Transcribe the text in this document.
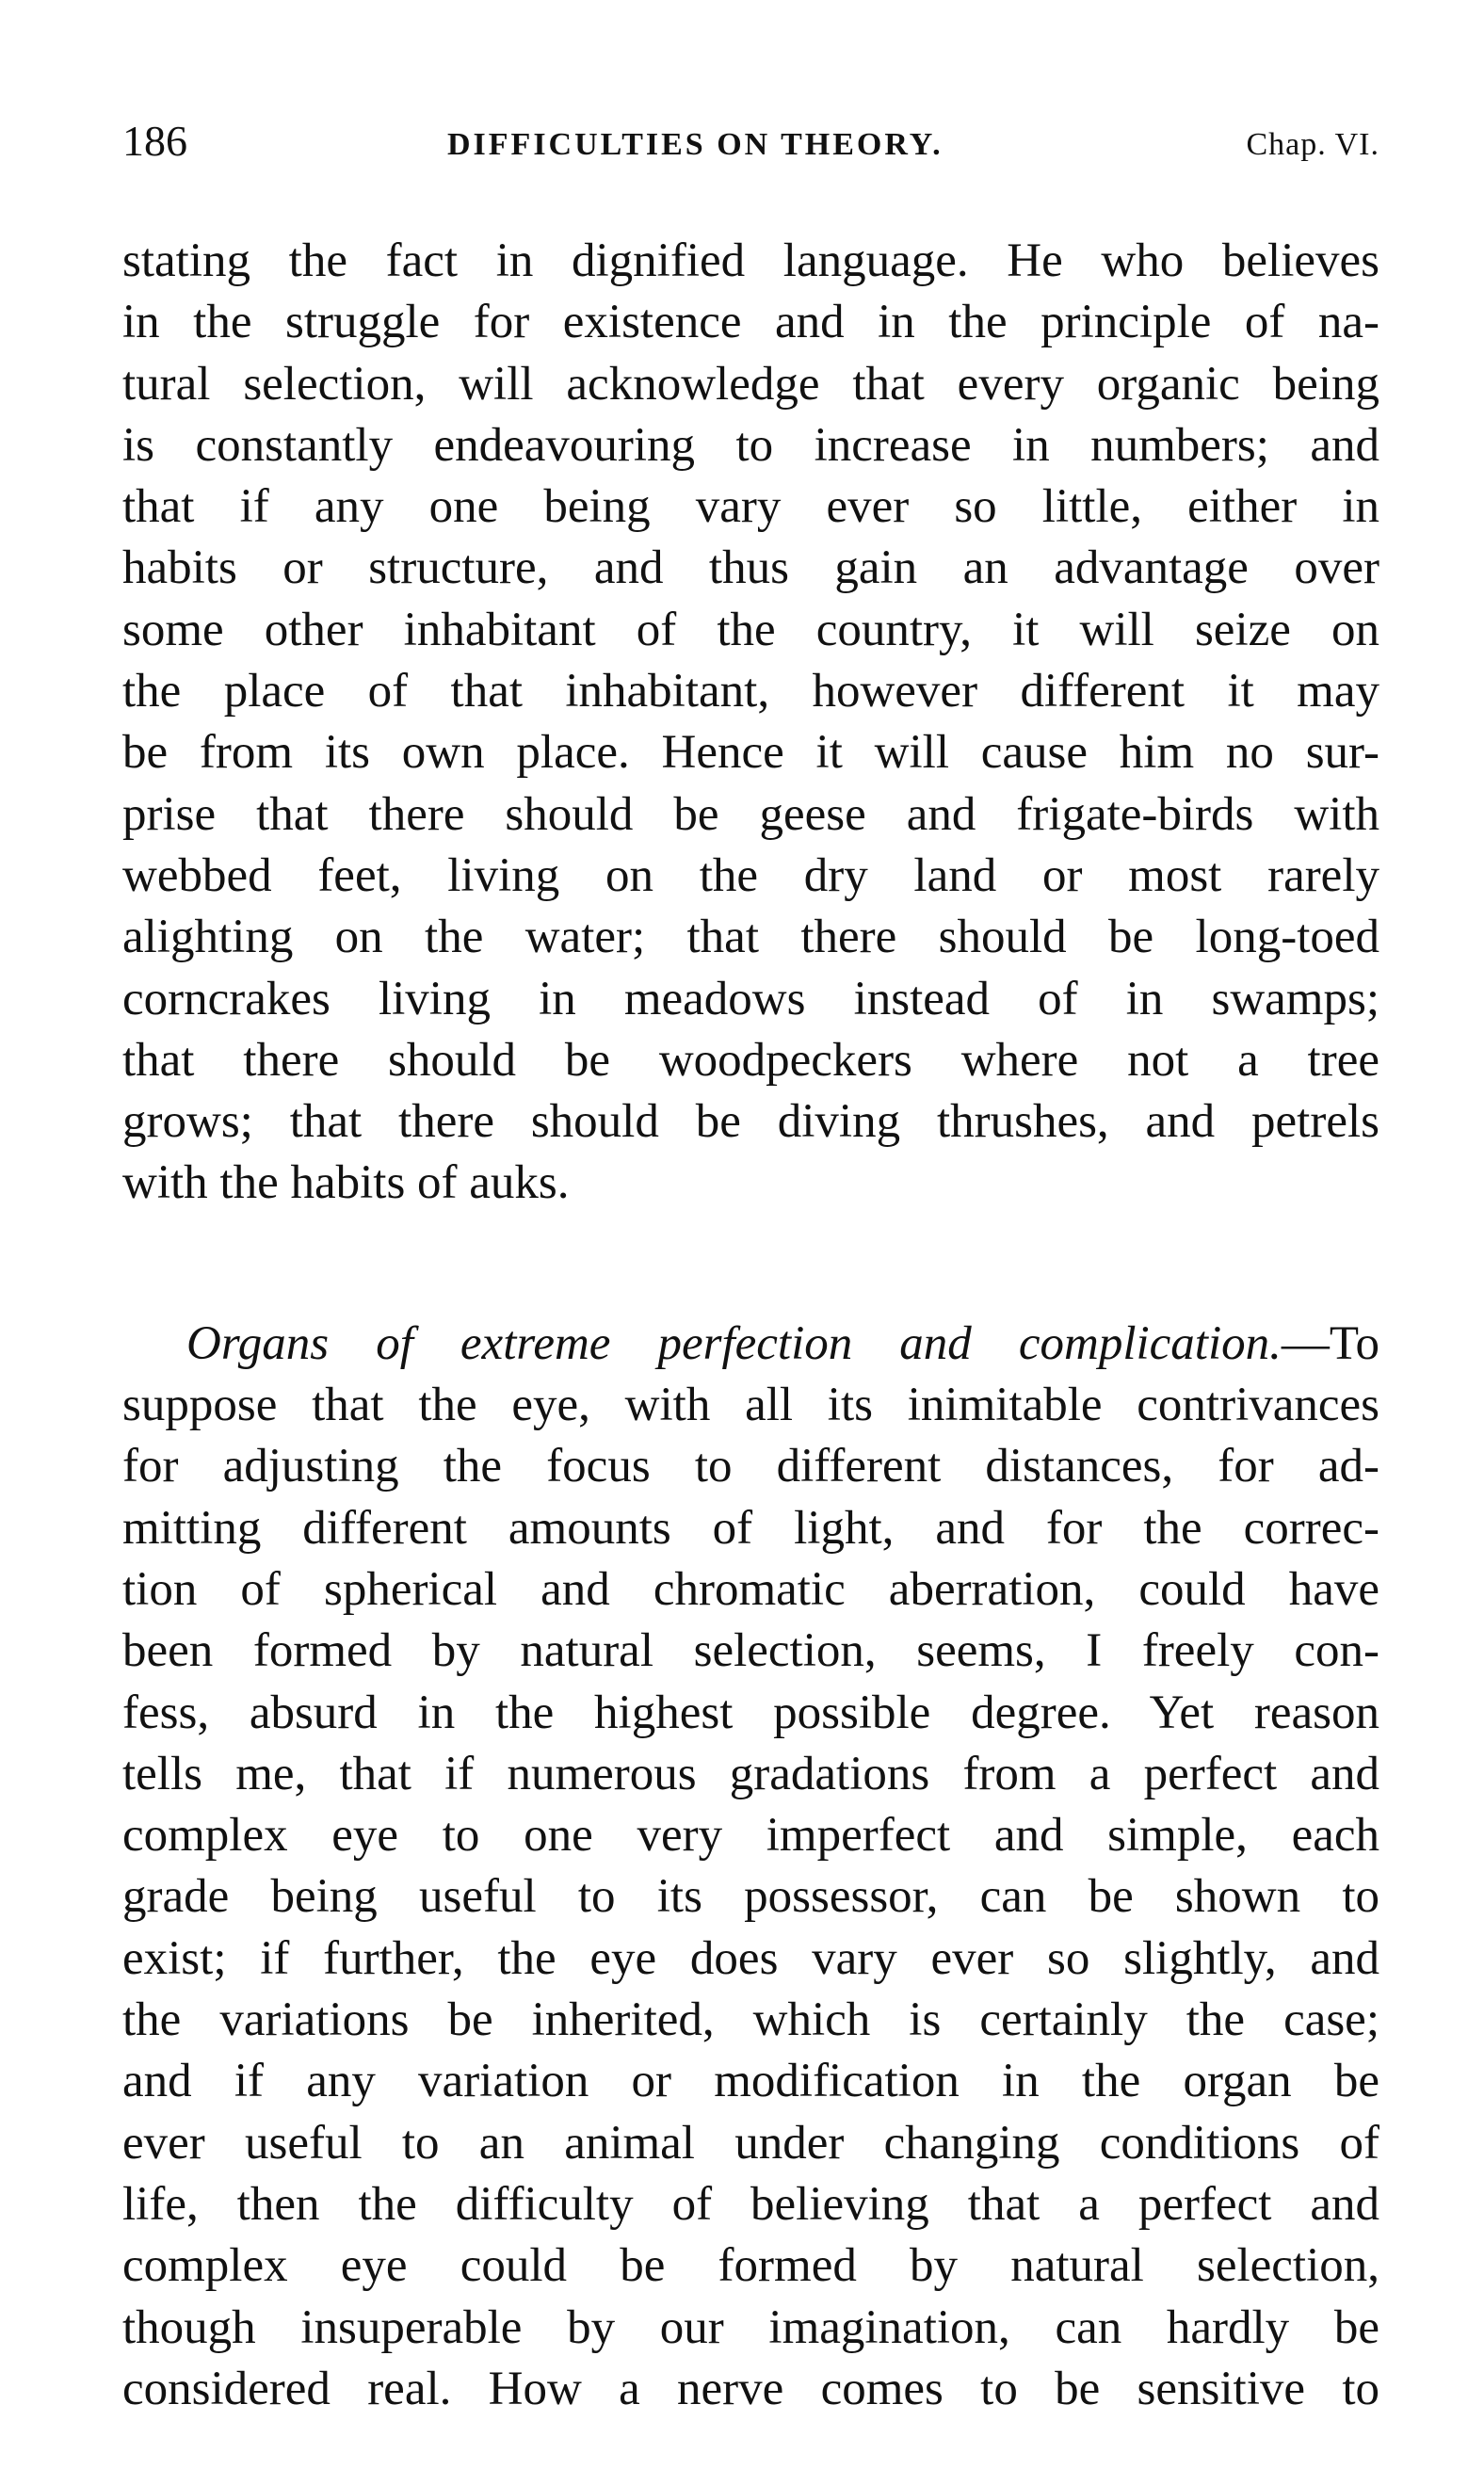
186	DIFFICULTIES ON THEORY.	Chap. VI.
stating the fact in dignified language. He who believes
in the struggle for existence and in the principle of na-
tural selection, will acknowledge that every organic being
is constantly endeavouring to increase in numbers; and
that if any one being vary ever so little, either in
habits or structure, and thus gain an advantage over
some other inhabitant of the country, it will seize on
the place of that inhabitant, however different it may
be from its own place. Hence it will cause him no sur-
prise that there should be geese and frigate-birds with
webbed feet, living on the dry land or most rarely
alighting on the water; that there should be long-toed
corncrakes living in meadows instead of in swamps;
that there should be woodpeckers where not a tree
grows; that there should be diving thrushes, and petrels
with the habits of auks.
Organs of extreme perfection and complication.—To
suppose that the eye, with all its inimitable contrivances
for adjusting the focus to different distances, for ad-
mitting different amounts of light, and for the correc-
tion of spherical and chromatic aberration, could have
been formed by natural selection, seems, I freely con-
fess, absurd in the highest possible degree. Yet reason
tells me, that if numerous gradations from a perfect and
complex eye to one very imperfect and simple, each
grade being useful to its possessor, can be shown to
exist; if further, the eye does vary ever so slightly, and
the variations be inherited, which is certainly the case;
and if any variation or modification in the organ be
ever useful to an animal under changing conditions of
life, then the difficulty of believing that a perfect and
complex eye could be formed by natural selection,
though insuperable by our imagination, can hardly be
considered real. How a nerve comes to be sensitive to
